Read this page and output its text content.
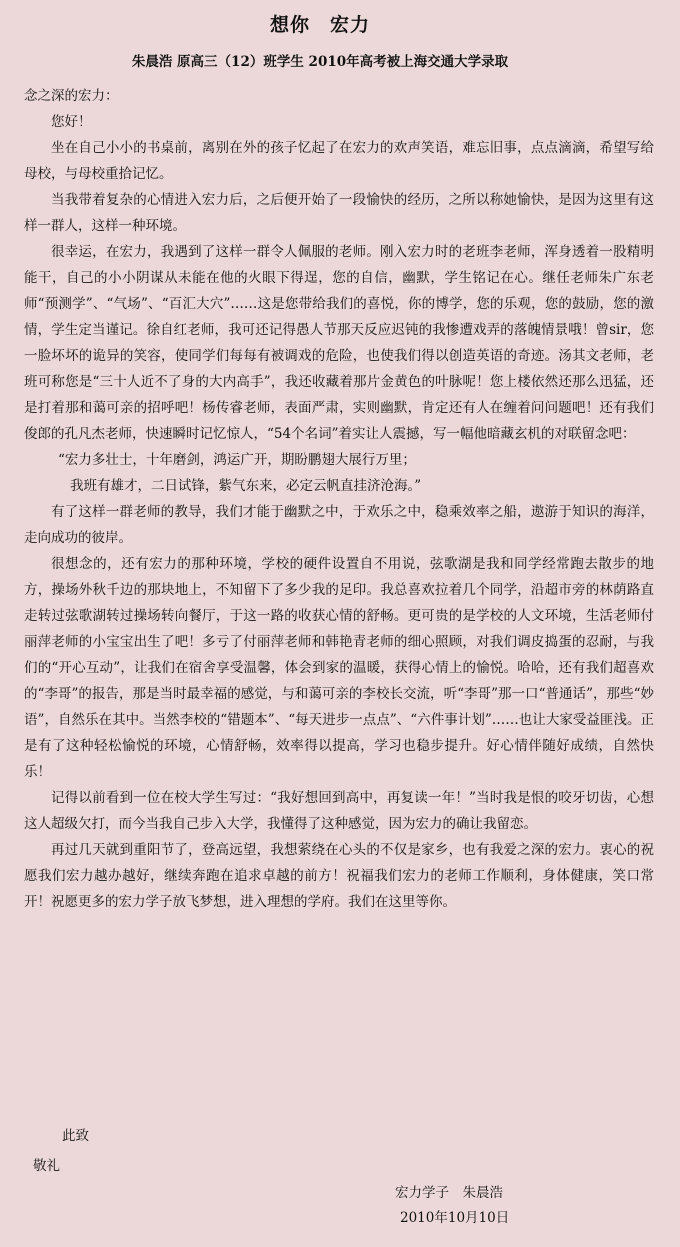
想你　宏力
朱晨浩 原高三（12）班学生 2010年高考被上海交通大学录取

念之深的宏力：

您好！

坐在自己小小的书桌前，离别在外的孩子忆起了在宏力的欢声笑语，难忘旧事，点点滴滴，希望写给母校，与母校重拾记忆。

当我带着复杂的心情进入宏力后，之后便开始了一段愉快的经历，之所以称她愉快，是因为这里有这样一群人，这样一种环境。

很幸运，在宏力，我遇到了这样一群令人佩服的老师。刚入宏力时的老班李老师，浑身透着一股精明能干，自己的小小阴谋从未能在他的火眼下得逞，您的自信，幽默，学生铭记在心。继任老师朱广东老师“预测学”、“气场”、“百汇大穴”……这是您带给我们的喜悦，你的博学，您的乐观，您的鼓励，您的激情，学生定当谨记。徐自红老师，我可还记得愚人节那天反应迟钝的我惨遭戏弄的落魄情景哦！曾sir，您一脸坏坏的诡异的笑容，使同学们每每有被调戏的危险，也使我们得以创造英语的奇迹。汤其文老师，老班可称您是“三十人近不了身的大内高手”，我还收藏着那片金黄色的叶脉呢！您上楼依然还那么迅猛，还是打着那和蔼可亲的招呼吧！杨传睿老师，表面严肃，实则幽默，肯定还有人在缠着问问题吧！还有我们俊郎的孔凡杰老师，快速瞬时记忆惊人，“54个名词”着实让人震撼，写一幅他暗藏玄机的对联留念吧：

“宏力多壮士，十年磨剑，鸿运广开，期盼鹏翅大展行万里；

我班有雄才，二日试锋，紫气东来，必定云帆直挂济沧海。”

有了这样一群老师的教导，我们才能于幽默之中，于欢乐之中，稳乘效率之船，遨游于知识的海洋，走向成功的彼岸。

很想念的，还有宏力的那种环境，学校的硬件设置自不用说，弦歌湖是我和同学经常跑去散步的地方，操场外秋千边的那块地上，不知留下了多少我的足印。我总喜欢拉着几个同学，沿超市旁的林荫路直走转过弦歌湖转过操场转向餐厅，于这一路的收获心情的舒畅。更可贵的是学校的人文环境，生活老师付丽萍老师的小宝宝出生了吧！多亏了付丽萍老师和韩艳青老师的细心照顾，对我们调皮捣蛋的忍耐，与我们的“开心互动”，让我们在宿舍享受温馨，体会到家的温暖，获得心情上的愉悦。哈哈，还有我们超喜欢的“李哥”的报告，那是当时最幸福的感觉，与和蔼可亲的李校长交流，听“李哥”那一口“普通话”，那些“妙语”，自然乐在其中。当然李校的“错题本”、“每天进步一点点”、“六件事计划”……也让大家受益匪浅。正是有了这种轻松愉悦的环境，心情舒畅，效率得以提高，学习也稳步提升。好心情伴随好成绩，自然快乐！

记得以前看到一位在校大学生写过：“我好想回到高中，再复读一年！”当时我是恨的咬牙切齿，心想这人超级欠打，而今当我自己步入大学，我懂得了这种感觉，因为宏力的确让我留恋。

再过几天就到重阳节了，登高远望，我想萦绕在心头的不仅是家乡，也有我爱之深的宏力。衷心的祝愿我们宏力越办越好，继续奔跑在追求卓越的前方！祝福我们宏力的老师工作顺利，身体健康，笑口常开！祝愿更多的宏力学子放飞梦想，进入理想的学府。我们在这里等你。

此致
敬礼
宏力学子　朱晨浩
2010年10月10日
